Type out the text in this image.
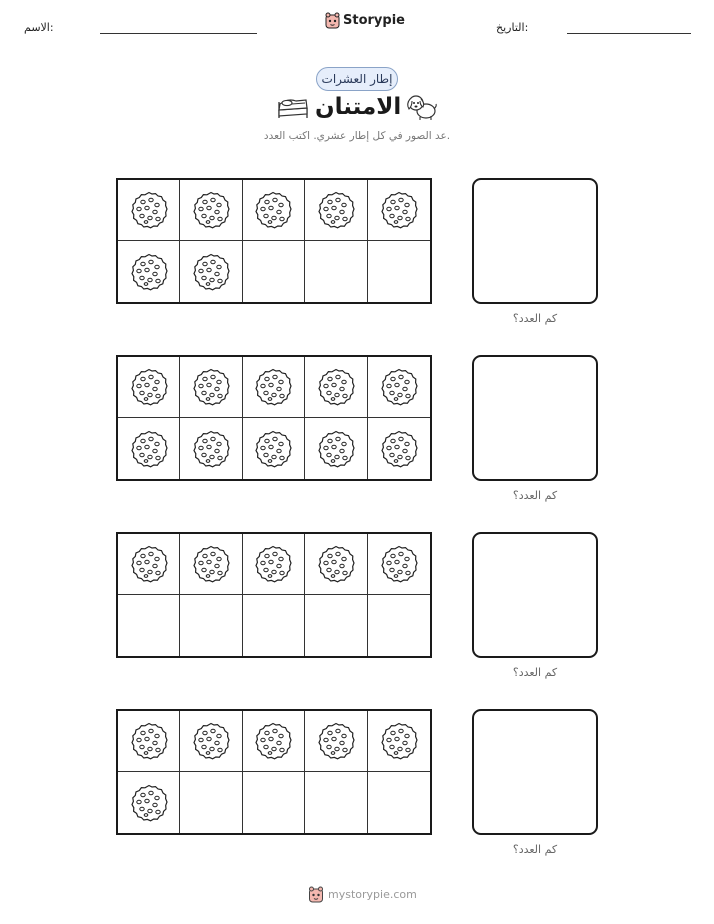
الاسم:	Storypie	التاريخ:
إطار العشرات
الامتنان
عد الصور في كل إطار عشري. اكتب العدد.
كم العدد؟
كم العدد؟
كم العدد؟
كم العدد؟
mystorypie.com
